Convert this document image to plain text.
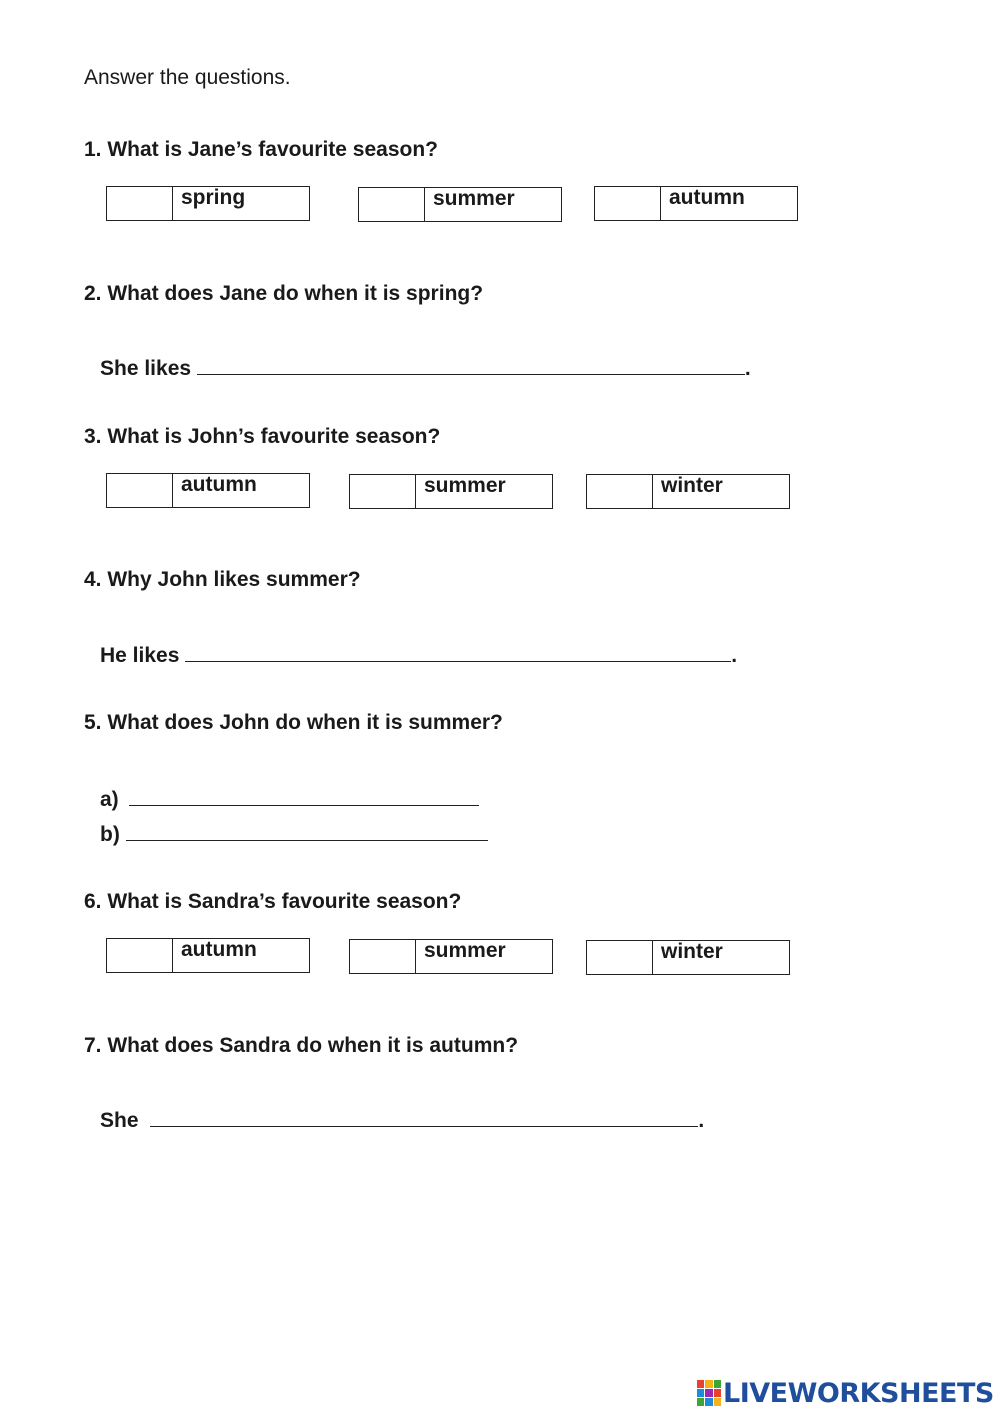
Answer the questions.
1. What is Jane’s favourite season?
spring	summer	autumn
2. What does Jane do when it is spring?
She likes	.
3. What is John’s favourite season?
autumn	summer	winter
4. Why John likes summer?
He likes	.
5. What does John do when it is summer?
a)
b)
6. What is Sandra’s favourite season?
autumn	summer	winter
7. What does Sandra do when it is autumn?
She	.
LIVEWORKSHEETS
